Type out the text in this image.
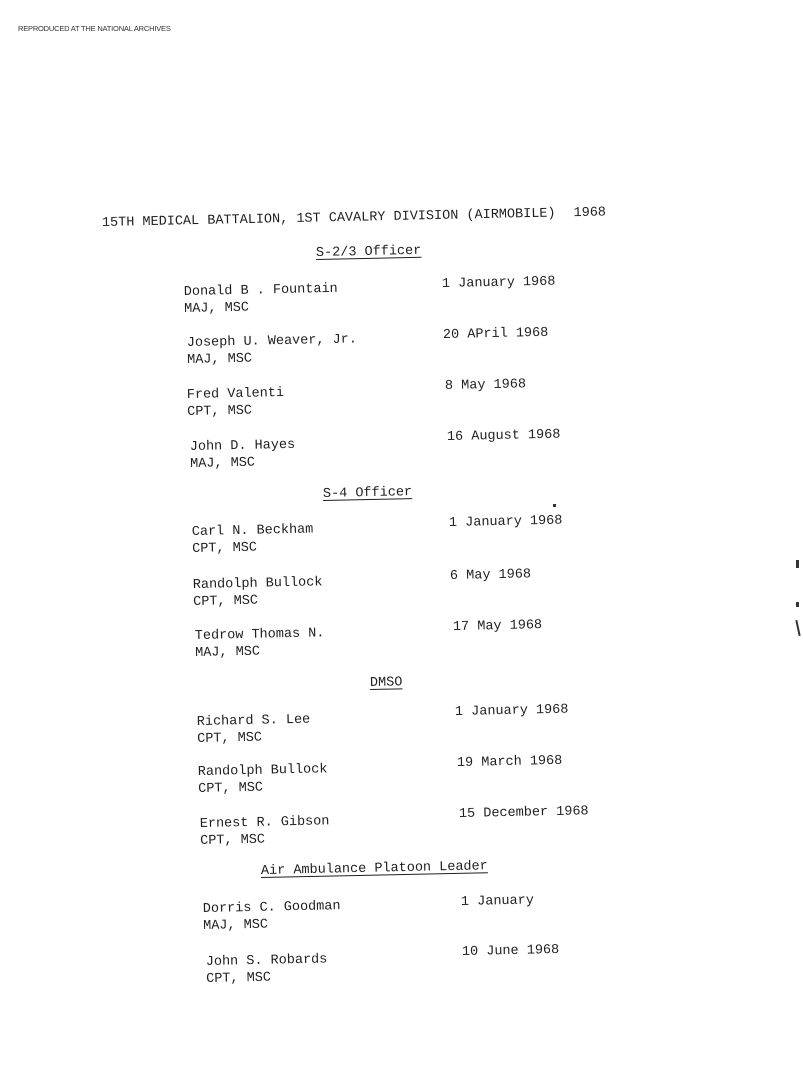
REPRODUCED AT THE NATIONAL ARCHIVES
15TH MEDICAL BATTALION, 1ST CAVALRY DIVISION (AIRMOBILE) 1968
S-2/3 Officer
Donald B . Fountain
MAJ, MSC
1 January 1968
Joseph U. Weaver, Jr.
MAJ, MSC
20 APril 1968
Fred Valenti
CPT, MSC
8 May 1968
John D. Hayes
MAJ, MSC
16 August 1968
S-4 Officer
Carl N. Beckham
CPT, MSC
1 January 1968
Randolph Bullock
CPT, MSC
6 May 1968
Tedrow Thomas N.
MAJ, MSC
17 May 1968
DMSO
Richard S. Lee
CPT, MSC
1 January 1968
Randolph Bullock
CPT, MSC
19 March 1968
Ernest R. Gibson
CPT, MSC
15 December 1968
Air Ambulance Platoon Leader
Dorris C. Goodman
MAJ, MSC
1 January
John S. Robards
CPT, MSC
10 June 1968
